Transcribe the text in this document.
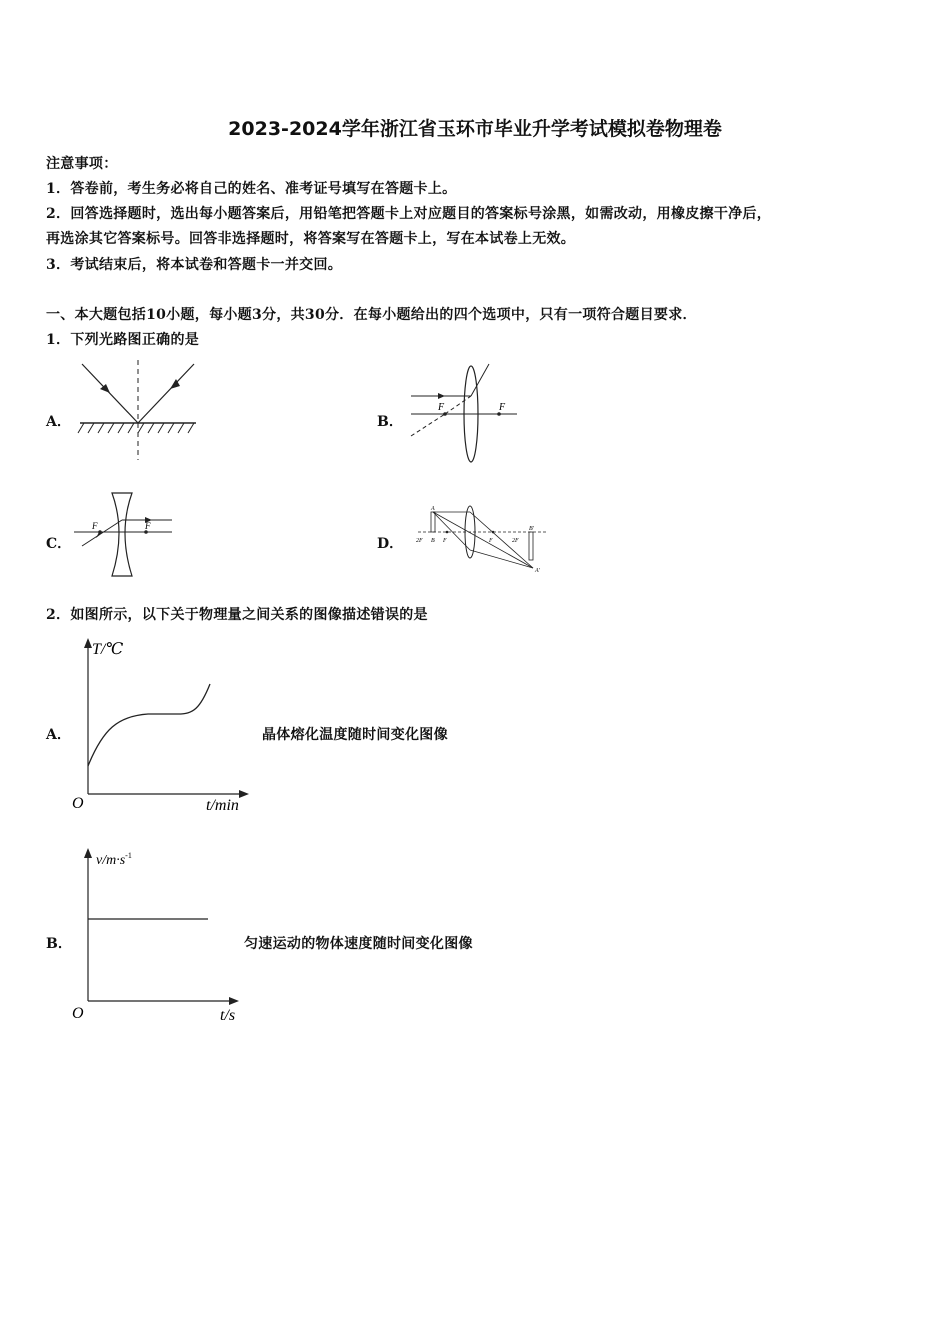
2023-2024学年浙江省玉环市毕业升学考试模拟卷物理卷
注意事项：
1．答卷前，考生务必将自己的姓名、准考证号填写在答题卡上。
2．回答选择题时，选出每小题答案后，用铅笔把答题卡上对应题目的答案标号涂黑，如需改动，用橡皮擦干净后，
再选涂其它答案标号。回答非选择题时，将答案写在答题卡上，写在本试卷上无效。
3．考试结束后，将本试卷和答题卡一并交回。
一、本大题包括10小题，每小题3分，共30分．在每小题给出的四个选项中，只有一项符合题目要求．
1．下列光路图正确的是
A．	B．
C．	D．
F	F
F	F
A
2F B F	F	2F
B'
A'
2．如图所示，以下关于物理量之间关系的图像描述错误的是
A．
T/℃
O	t/min
晶体熔化温度随时间变化图像
B．
$v/m\cdot s^{-1}$
O	t/s
匀速运动的物体速度随时间变化图像
